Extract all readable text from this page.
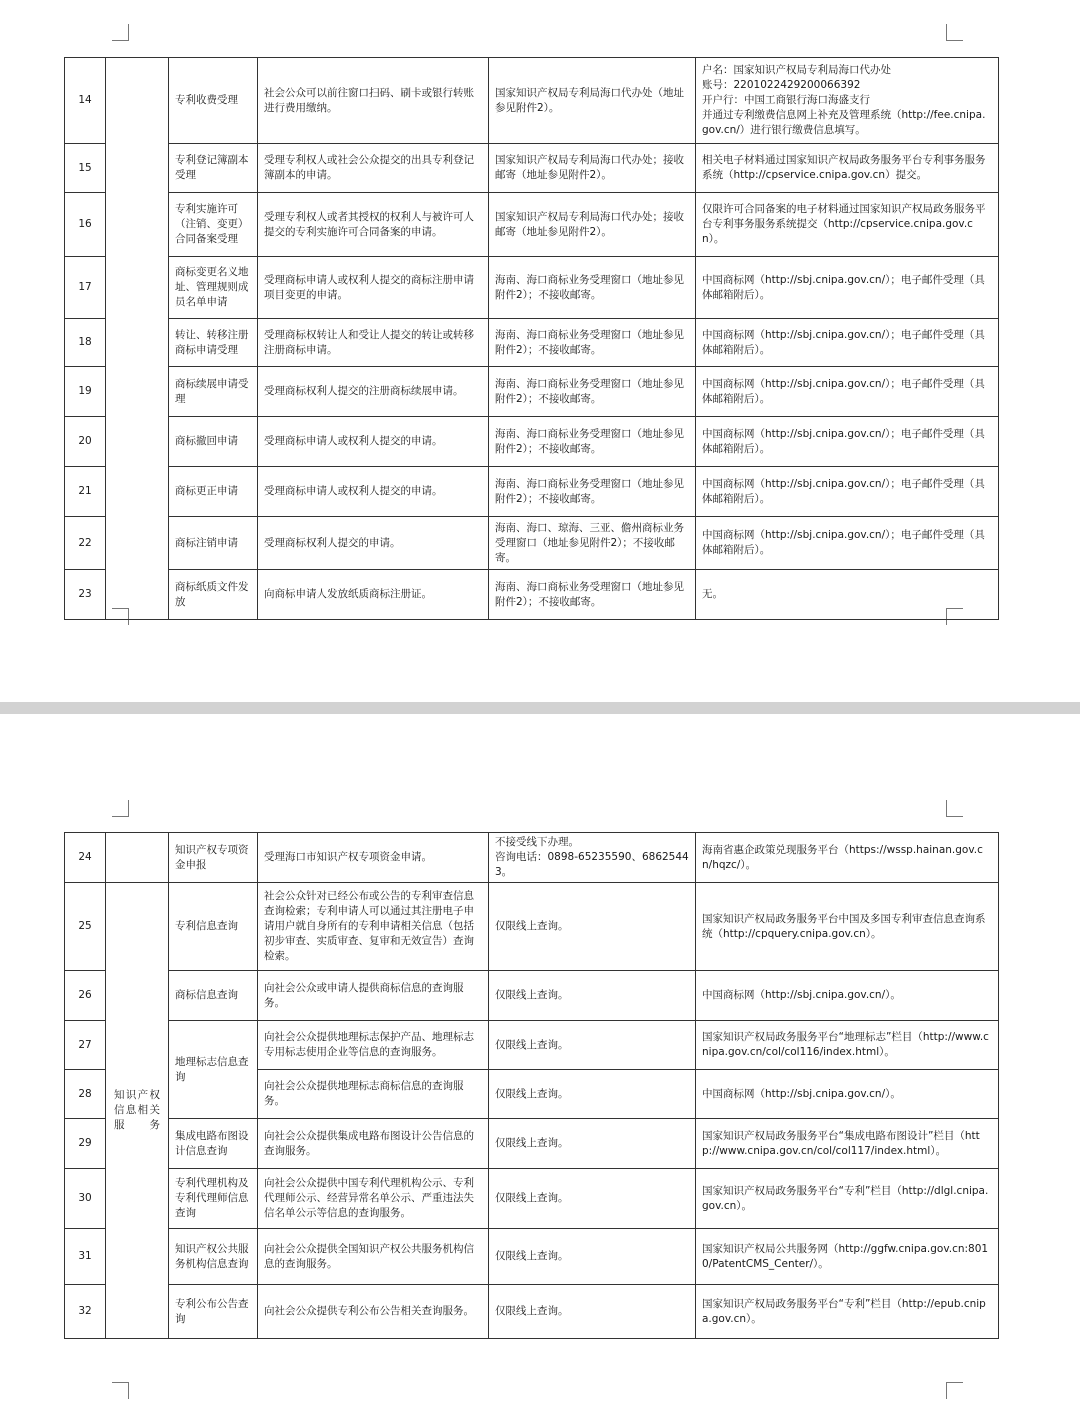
14		专利收费受理	社会公众可以前往窗口扫码、刷卡或银行转账进行费用缴纳。	国家知识产权局专利局海口代办处（地址参见附件2）。	户名：国家知识产权局专利局海口代办处
账号：2201022429200066392
开户行：中国工商银行海口海盛支行
并通过专利缴费信息网上补充及管理系统（http://fee.cnipa.gov.cn/）进行银行缴费信息填写。
15		专利登记簿副本受理	受理专利权人或社会公众提交的出具专利登记簿副本的申请。	国家知识产权局专利局海口代办处；接收邮寄（地址参见附件2）。	相关电子材料通过国家知识产权局政务服务平台专利事务服务系统（http://cpservice.cnipa.gov.cn）提交。
16		专利实施许可（注销、变更）合同备案受理	受理专利权人或者其授权的权利人与被许可人提交的专利实施许可合同备案的申请。	国家知识产权局专利局海口代办处；接收邮寄（地址参见附件2）。	仅限许可合同备案的电子材料通过国家知识产权局政务服务平台专利事务服务系统提交（http://cpservice.cnipa.gov.cn）。
17		商标变更名义地址、管理规则成员名单申请	受理商标申请人或权利人提交的商标注册申请项目变更的申请。	海南、海口商标业务受理窗口（地址参见附件2）；不接收邮寄。	中国商标网（http://sbj.cnipa.gov.cn/）；电子邮件受理（具体邮箱附后）。
18		转让、转移注册商标申请受理	受理商标权转让人和受让人提交的转让或转移注册商标申请。	海南、海口商标业务受理窗口（地址参见附件2）；不接收邮寄。	中国商标网（http://sbj.cnipa.gov.cn/）；电子邮件受理（具体邮箱附后）。
19		商标续展申请受理	受理商标权利人提交的注册商标续展申请。	海南、海口商标业务受理窗口（地址参见附件2）；不接收邮寄。	中国商标网（http://sbj.cnipa.gov.cn/）；电子邮件受理（具体邮箱附后）。
20		商标撤回申请	受理商标申请人或权利人提交的申请。	海南、海口商标业务受理窗口（地址参见附件2）；不接收邮寄。	中国商标网（http://sbj.cnipa.gov.cn/）；电子邮件受理（具体邮箱附后）。
21		商标更正申请	受理商标申请人或权利人提交的申请。	海南、海口商标业务受理窗口（地址参见附件2）；不接收邮寄。	中国商标网（http://sbj.cnipa.gov.cn/）；电子邮件受理（具体邮箱附后）。
22		商标注销申请	受理商标权利人提交的申请。	海南、海口、琼海、三亚、儋州商标业务受理窗口（地址参见附件2）；不接收邮寄。	中国商标网（http://sbj.cnipa.gov.cn/）；电子邮件受理（具体邮箱附后）。
23		商标纸质文件发放	向商标申请人发放纸质商标注册证。	海南、海口商标业务受理窗口（地址参见附件2）；不接收邮寄。	无。
24		知识产权专项资金申报	受理海口市知识产权专项资金申请。	不接受线下办理。
咨询电话：0898-65235590、68625443。	海南省惠企政策兑现服务平台（https://wssp.hainan.gov.cn/hqzc/）。
25	知识产权信息相关服务	专利信息查询	社会公众针对已经公布或公告的专利审查信息查询检索；专利申请人可以通过其注册电子申请用户就自身所有的专利申请相关信息（包括初步审查、实质审查、复审和无效宣告）查询检索。	仅限线上查询。	国家知识产权局政务服务平台中国及多国专利审查信息查询系统（http://cpquery.cnipa.gov.cn）。
26		商标信息查询	向社会公众或申请人提供商标信息的查询服务。	仅限线上查询。	中国商标网（http://sbj.cnipa.gov.cn/）。
27		地理标志信息查询	向社会公众提供地理标志保护产品、地理标志专用标志使用企业等信息的查询服务。	仅限线上查询。	国家知识产权局政务服务平台“地理标志”栏目（http://www.cnipa.gov.cn/col/col116/index.html）。
28			向社会公众提供地理标志商标信息的查询服务。	仅限线上查询。	中国商标网（http://sbj.cnipa.gov.cn/）。
29		集成电路布图设计信息查询	向社会公众提供集成电路布图设计公告信息的查询服务。	仅限线上查询。	国家知识产权局政务服务平台“集成电路布图设计”栏目（http://www.cnipa.gov.cn/col/col117/index.html）。
30		专利代理机构及专利代理师信息查询	向社会公众提供中国专利代理机构公示、专利代理师公示、经营异常名单公示、严重违法失信名单公示等信息的查询服务。	仅限线上查询。	国家知识产权局政务服务平台“专利”栏目（http://dlgl.cnipa.gov.cn）。
31		知识产权公共服务机构信息查询	向社会公众提供全国知识产权公共服务机构信息的查询服务。	仅限线上查询。	国家知识产权局公共服务网（http://ggfw.cnipa.gov.cn:8010/PatentCMS_Center/）。
32		专利公布公告查询	向社会公众提供专利公布公告相关查询服务。	仅限线上查询。	国家知识产权局政务服务平台“专利”栏目（http://epub.cnipa.gov.cn）。
